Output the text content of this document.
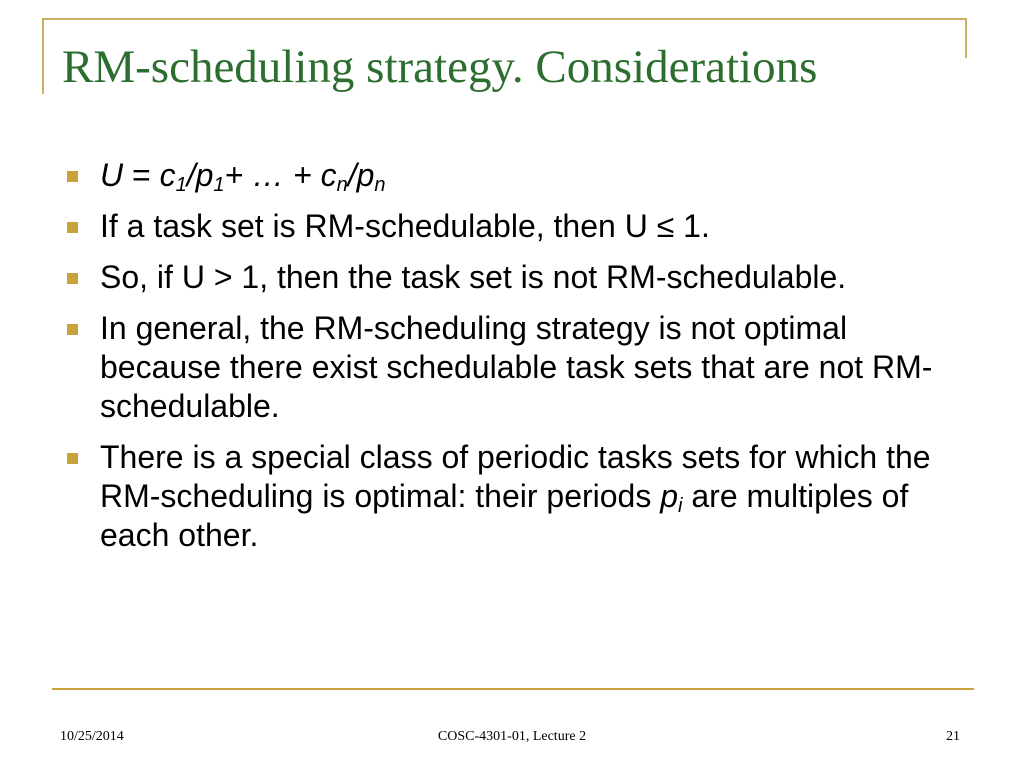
RM-scheduling strategy. Considerations
$U = c_1/p_1+$ … + $c_n/p_n$
If a task set is RM-schedulable, then U ≤ 1.
So, if U > 1, then the task set is not RM-schedulable.
In general, the RM-scheduling strategy is not optimal because there exist schedulable task sets that are not RM-schedulable.
There is a special class of periodic tasks sets for which the RM-scheduling is optimal: their periods $p_i$ are multiples of each other.
10/25/2014	COSC-4301-01, Lecture 2	21
